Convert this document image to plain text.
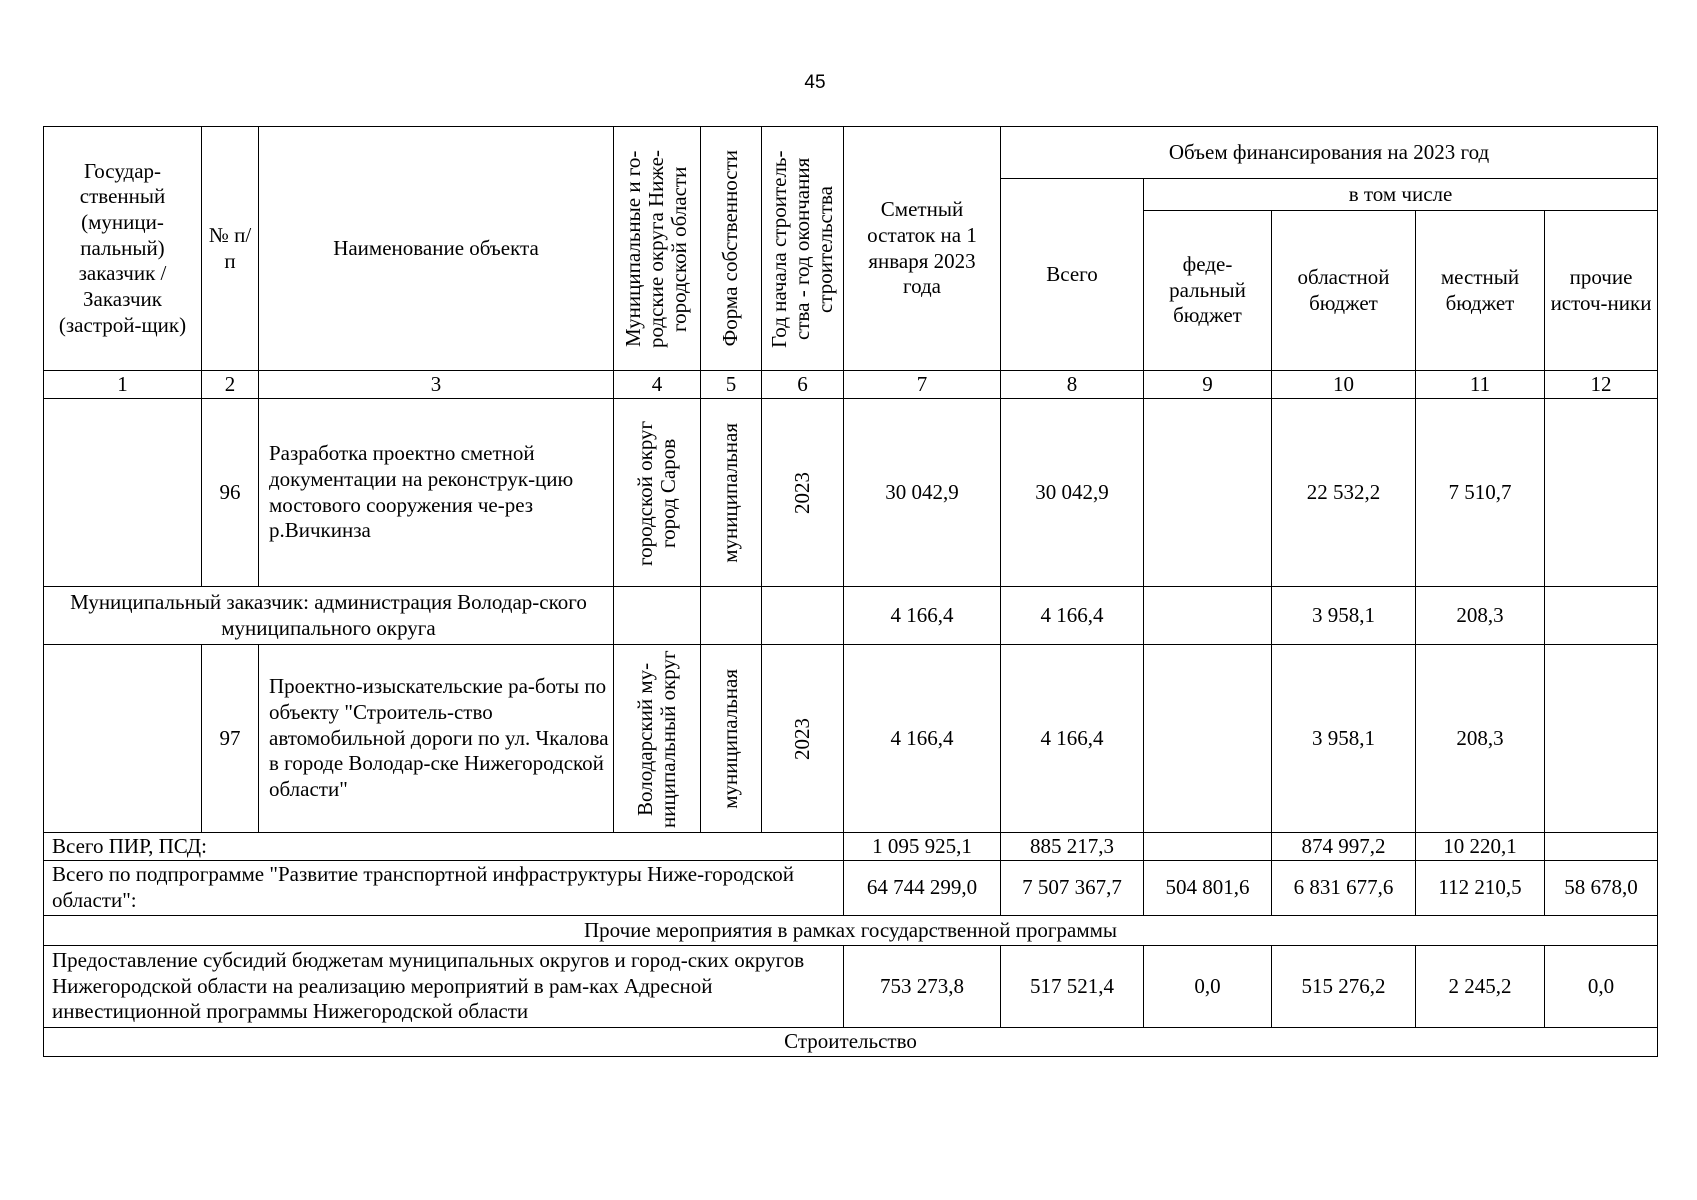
45
Государ-ственный (муници-пальный) заказчик / Заказчик (застрой-щик)	№ п/п	Наименование объекта	Муниципальные и го-родские округа Ниже-городской области	Форма собственности	Год начала строитель-ства - год окончания строительства	Сметный остаток на 1 января 2023 года	Объем финансирования на 2023 год				
							Всего	в том числе			
								феде-ральный бюджет	областной бюджет	местный бюджет	прочие источ-ники
1	2	3	4	5	6	7	8	9	10	11	12
	96	Разработка проектно сметной документации на реконструк-цию мостового сооружения че-рез р.Вичкинза	городской округ город Саров	муниципальная	2023	30 042,9	30 042,9		22 532,2	7 510,7	
Муниципальный заказчик: администрация Володар-ского муниципального округа						4 166,4	4 166,4		3 958,1	208,3	
	97	Проектно-изыскательские ра-боты по объекту "Строитель-ство автомобильной дороги по ул. Чкалова в городе Володар-ске Нижегородской области"	Володарский му-ниципальный округ	муниципальная	2023	4 166,4	4 166,4		3 958,1	208,3	
Всего ПИР, ПСД:						1 095 925,1	885 217,3		874 997,2	10 220,1	
Всего по подпрограмме "Развитие транспортной инфраструктуры Ниже-городской области":						64 744 299,0	7 507 367,7	504 801,6	6 831 677,6	112 210,5	58 678,0
Прочие мероприятия в рамках государственной программы											
Предоставление субсидий бюджетам муниципальных округов и город-ских округов Нижегородской области на реализацию мероприятий в рам-ках Адресной инвестиционной программы Нижегородской области						753 273,8	517 521,4	0,0	515 276,2	2 245,2	0,0
Строительство											
